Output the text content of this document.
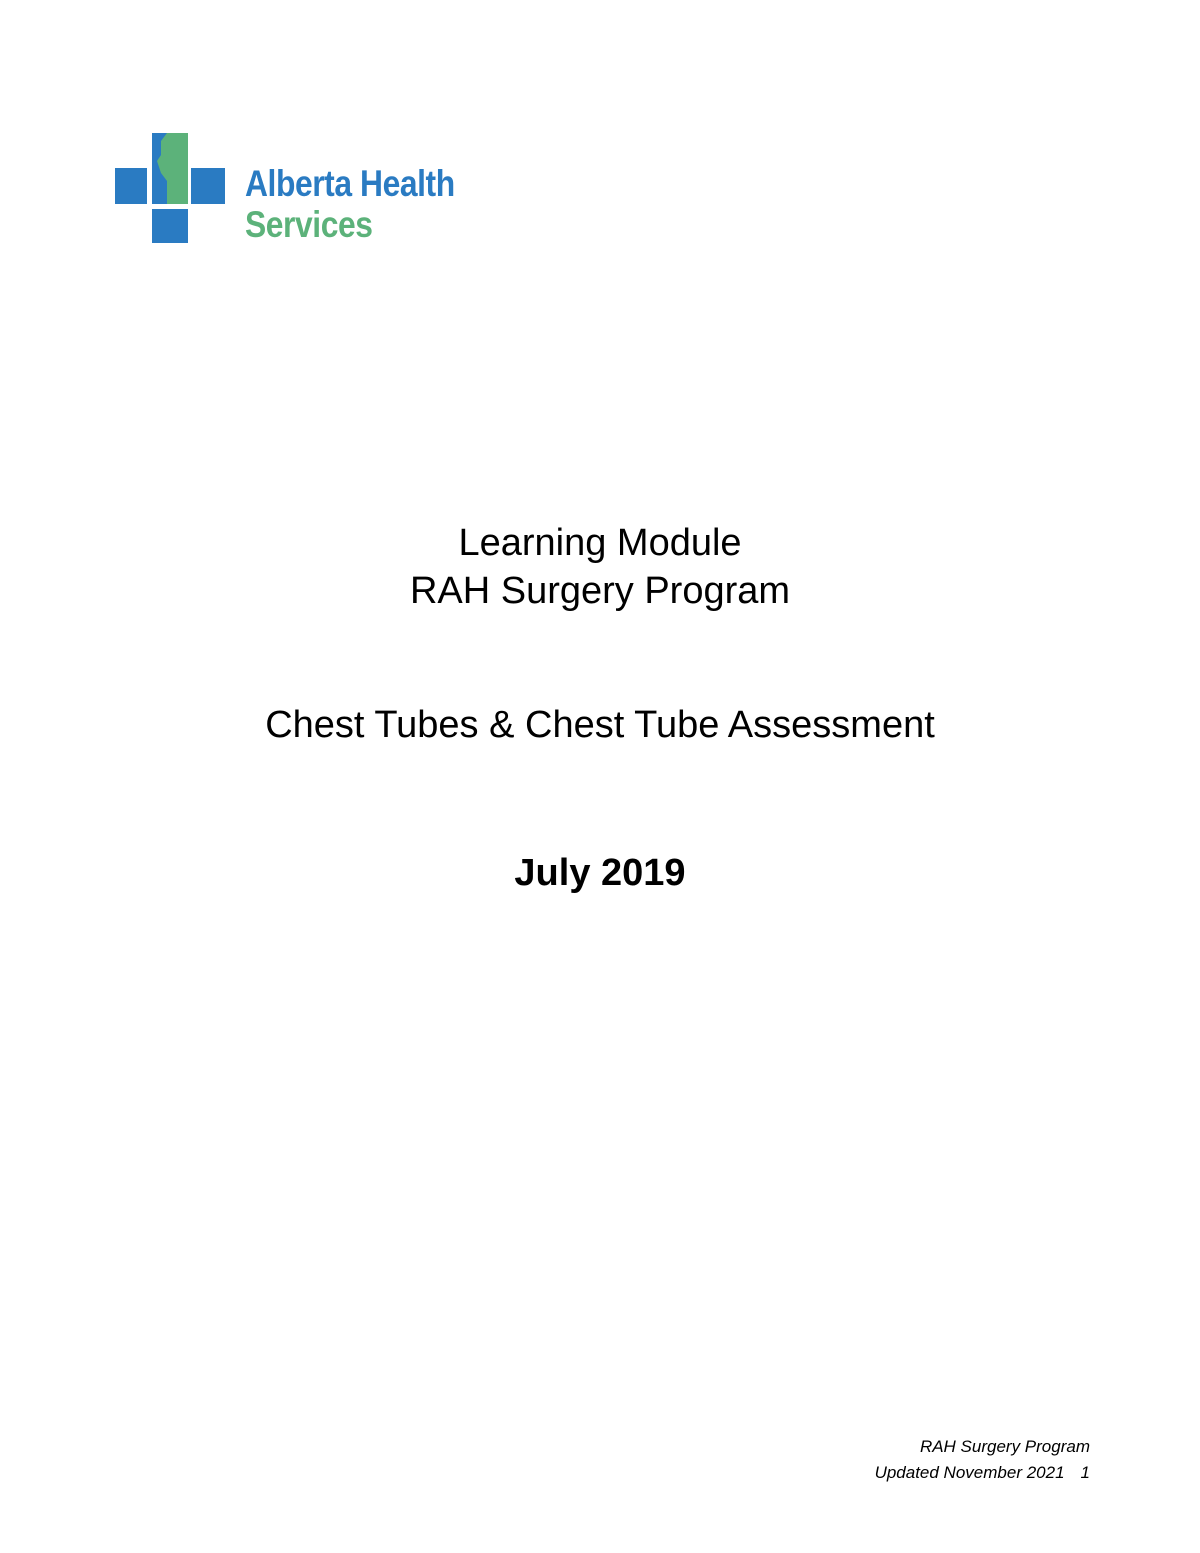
Alberta Health
Services
Learning Module
RAH Surgery Program
Chest Tubes & Chest Tube Assessment
July 2019
RAH Surgery Program
Updated November 2021 1
